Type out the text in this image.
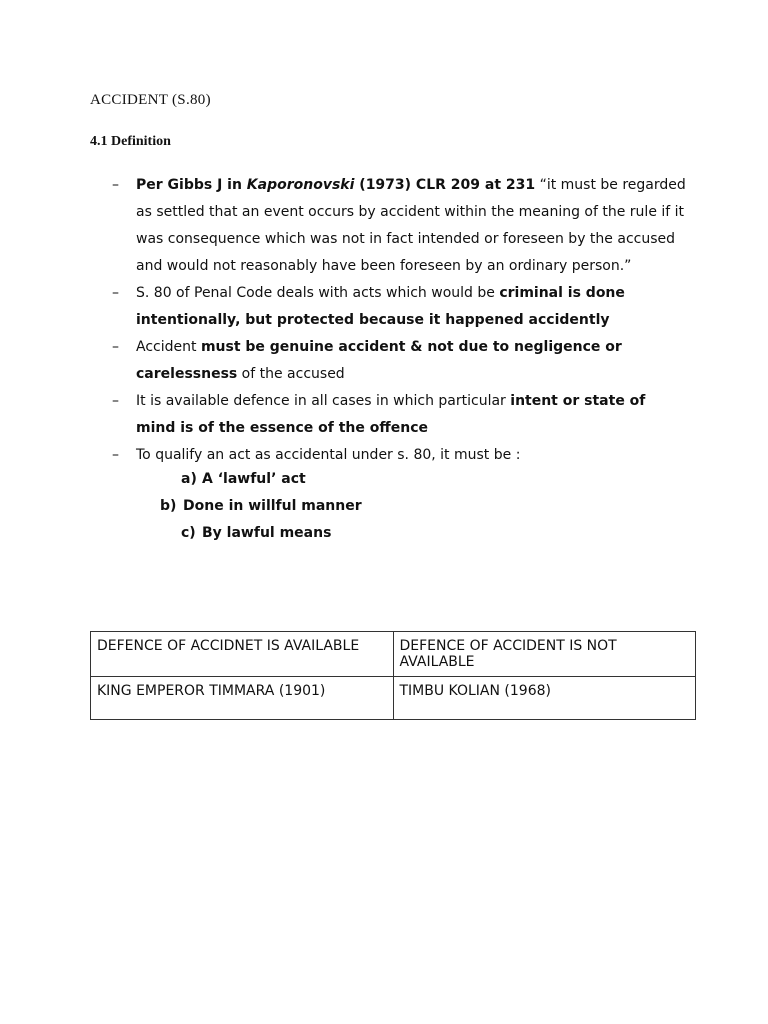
ACCIDENT (S.80)
4.1 Definition
–	Per Gibbs J in Kaporonovski (1973) CLR 209 at 231 “it must be regarded as settled that an event occurs by accident within the meaning of the rule if it was consequence which was not in fact intended or foreseen by the accused and would not reasonably have been foreseen by an ordinary person.”
–	S. 80 of Penal Code deals with acts which would be criminal is done intentionally, but protected because it happened accidently
–	Accident must be genuine accident & not due to negligence or carelessness of the accused
–	It is available defence in all cases in which particular intent or state of mind is of the essence of the offence
–	To qualify an act as accidental under s. 80, it must be :
a) A ‘lawful’ act
b) Done in willful manner
c) By lawful means
DEFENCE OF ACCIDNET IS AVAILABLE	DEFENCE OF ACCIDENT IS NOT AVAILABLE
KING EMPEROR TIMMARA (1901)	TIMBU KOLIAN (1968)
